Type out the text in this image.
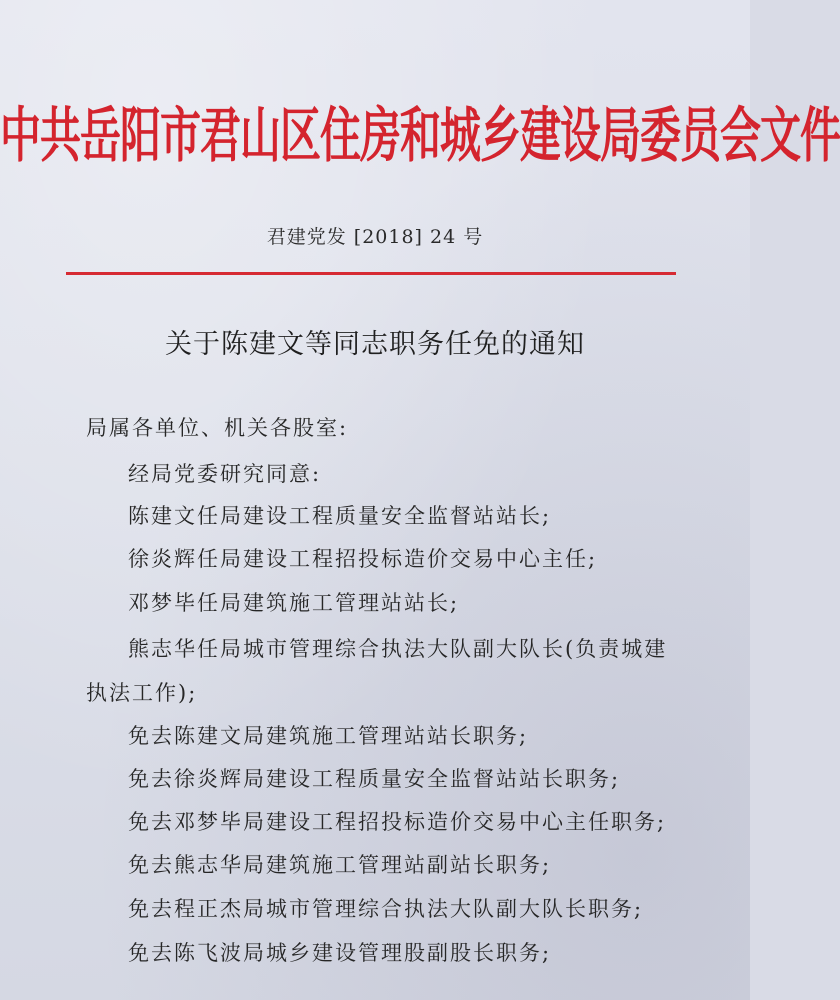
中共岳阳市君山区住房和城乡建设局委员会文件
君建党发 [2018] 24 号
关于陈建文等同志职务任免的通知
局属各单位、机关各股室:
经局党委研究同意:
陈建文任局建设工程质量安全监督站站长;
徐炎辉任局建设工程招投标造价交易中心主任;
邓梦毕任局建筑施工管理站站长;
熊志华任局城市管理综合执法大队副大队长(负责城建
执法工作);
免去陈建文局建筑施工管理站站长职务;
免去徐炎辉局建设工程质量安全监督站站长职务;
免去邓梦毕局建设工程招投标造价交易中心主任职务;
免去熊志华局建筑施工管理站副站长职务;
免去程正杰局城市管理综合执法大队副大队长职务;
免去陈飞波局城乡建设管理股副股长职务;
